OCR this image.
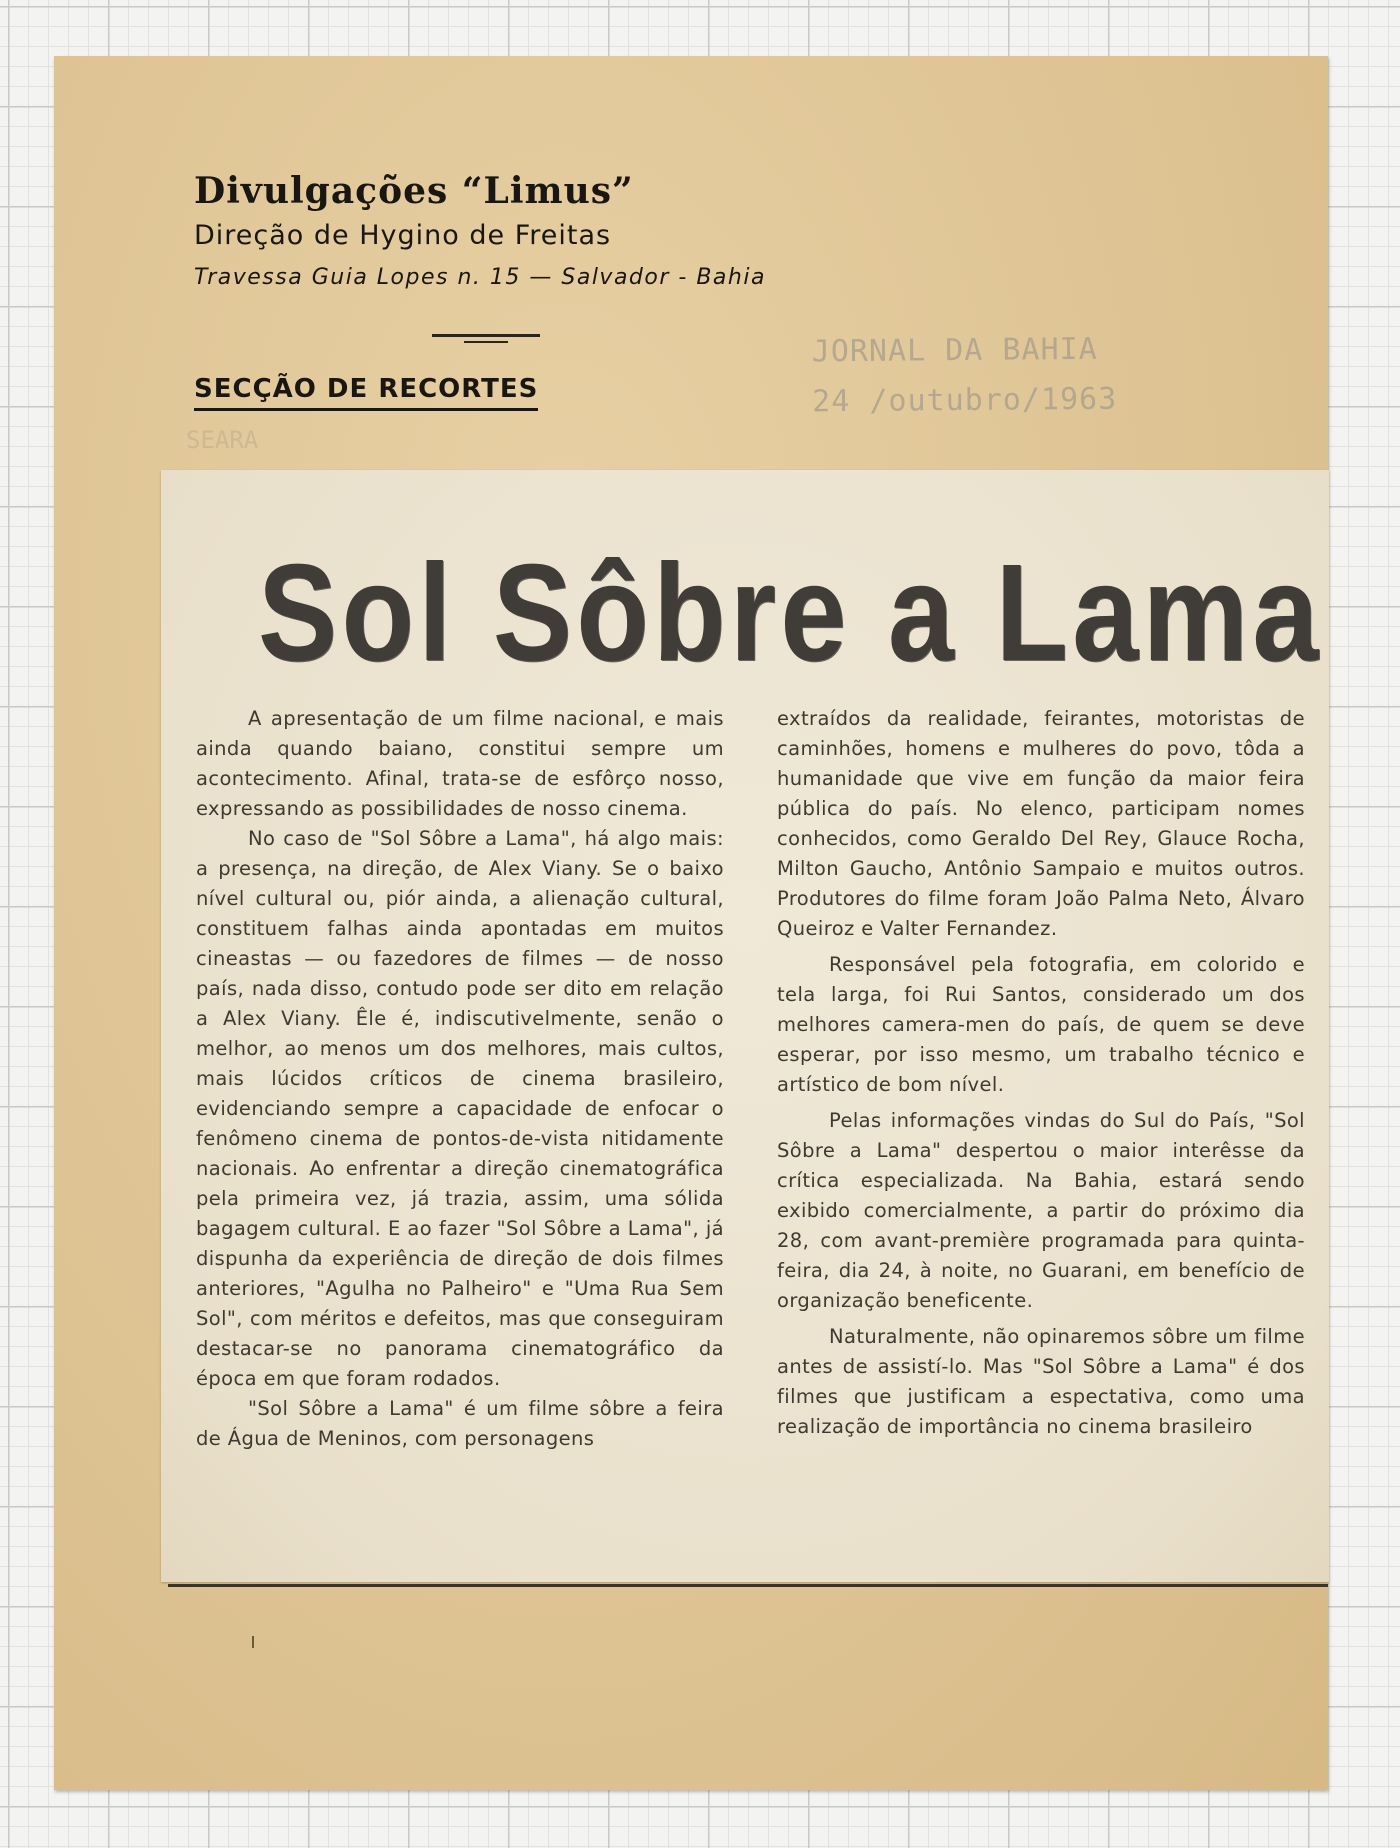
Divulgações “Limus”
Direção de Hygino de Freitas
Travessa Guia Lopes n. 15 — Salvador - Bahia
SECÇÃO DE RECORTES
JORNAL DA BAHIA
24 /outubro/1963
SEARA
Sol Sôbre a Lama

A apresentação de um filme nacional, e mais ainda quando baiano, constitui sempre um acontecimento. Afinal, trata-se de esfôrço nosso, expressando as possibilidades de nosso cinema.

No caso de "Sol Sôbre a Lama", há algo mais: a presença, na direção, de Alex Viany. Se o baixo nível cultural ou, piór ainda, a alienação cultural, constituem falhas ainda apontadas em muitos cineastas — ou fazedores de filmes — de nosso país, nada disso, contudo pode ser dito em relação a Alex Viany. Êle é, indiscutivelmente, senão o melhor, ao menos um dos melhores, mais cultos, mais lúcidos críticos de cinema brasileiro, evidenciando sempre a capacidade de enfocar o fenômeno cinema de pontos-de-vista nitidamente nacionais. Ao enfrentar a direção cinematográfica pela primeira vez, já trazia, assim, uma sólida bagagem cultural. E ao fazer "Sol Sôbre a Lama", já dispunha da experiência de direção de dois filmes anteriores, "Agulha no Palheiro" e "Uma Rua Sem Sol", com méritos e defeitos, mas que conseguiram destacar-se no panorama cinematográfico da época em que foram rodados.

"Sol Sôbre a Lama" é um filme sôbre a feira de Água de Meninos, com personagens

extraídos da realidade, feirantes, motoristas de caminhões, homens e mulheres do povo, tôda a humanidade que vive em função da maior feira pública do país. No elenco, participam nomes conhecidos, como Geraldo Del Rey, Glauce Rocha, Milton Gaucho, Antônio Sampaio e muitos outros. Produtores do filme foram João Palma Neto, Álvaro Queiroz e Valter Fernandez.

Responsável pela fotografia, em colorido e tela larga, foi Rui Santos, considerado um dos melhores camera-men do país, de quem se deve esperar, por isso mesmo, um trabalho técnico e artístico de bom nível.

Pelas informações vindas do Sul do País, "Sol Sôbre a Lama" despertou o maior interêsse da crítica especializada. Na Bahia, estará sendo exibido comercialmente, a partir do próximo dia 28, com avant-première programada para quinta-feira, dia 24, à noite, no Guarani, em benefício de organização beneficente.

Naturalmente, não opinaremos sôbre um filme antes de assistí-lo. Mas "Sol Sôbre a Lama" é dos filmes que justificam a espectativa, como uma realização de importância no cinema brasileiro
